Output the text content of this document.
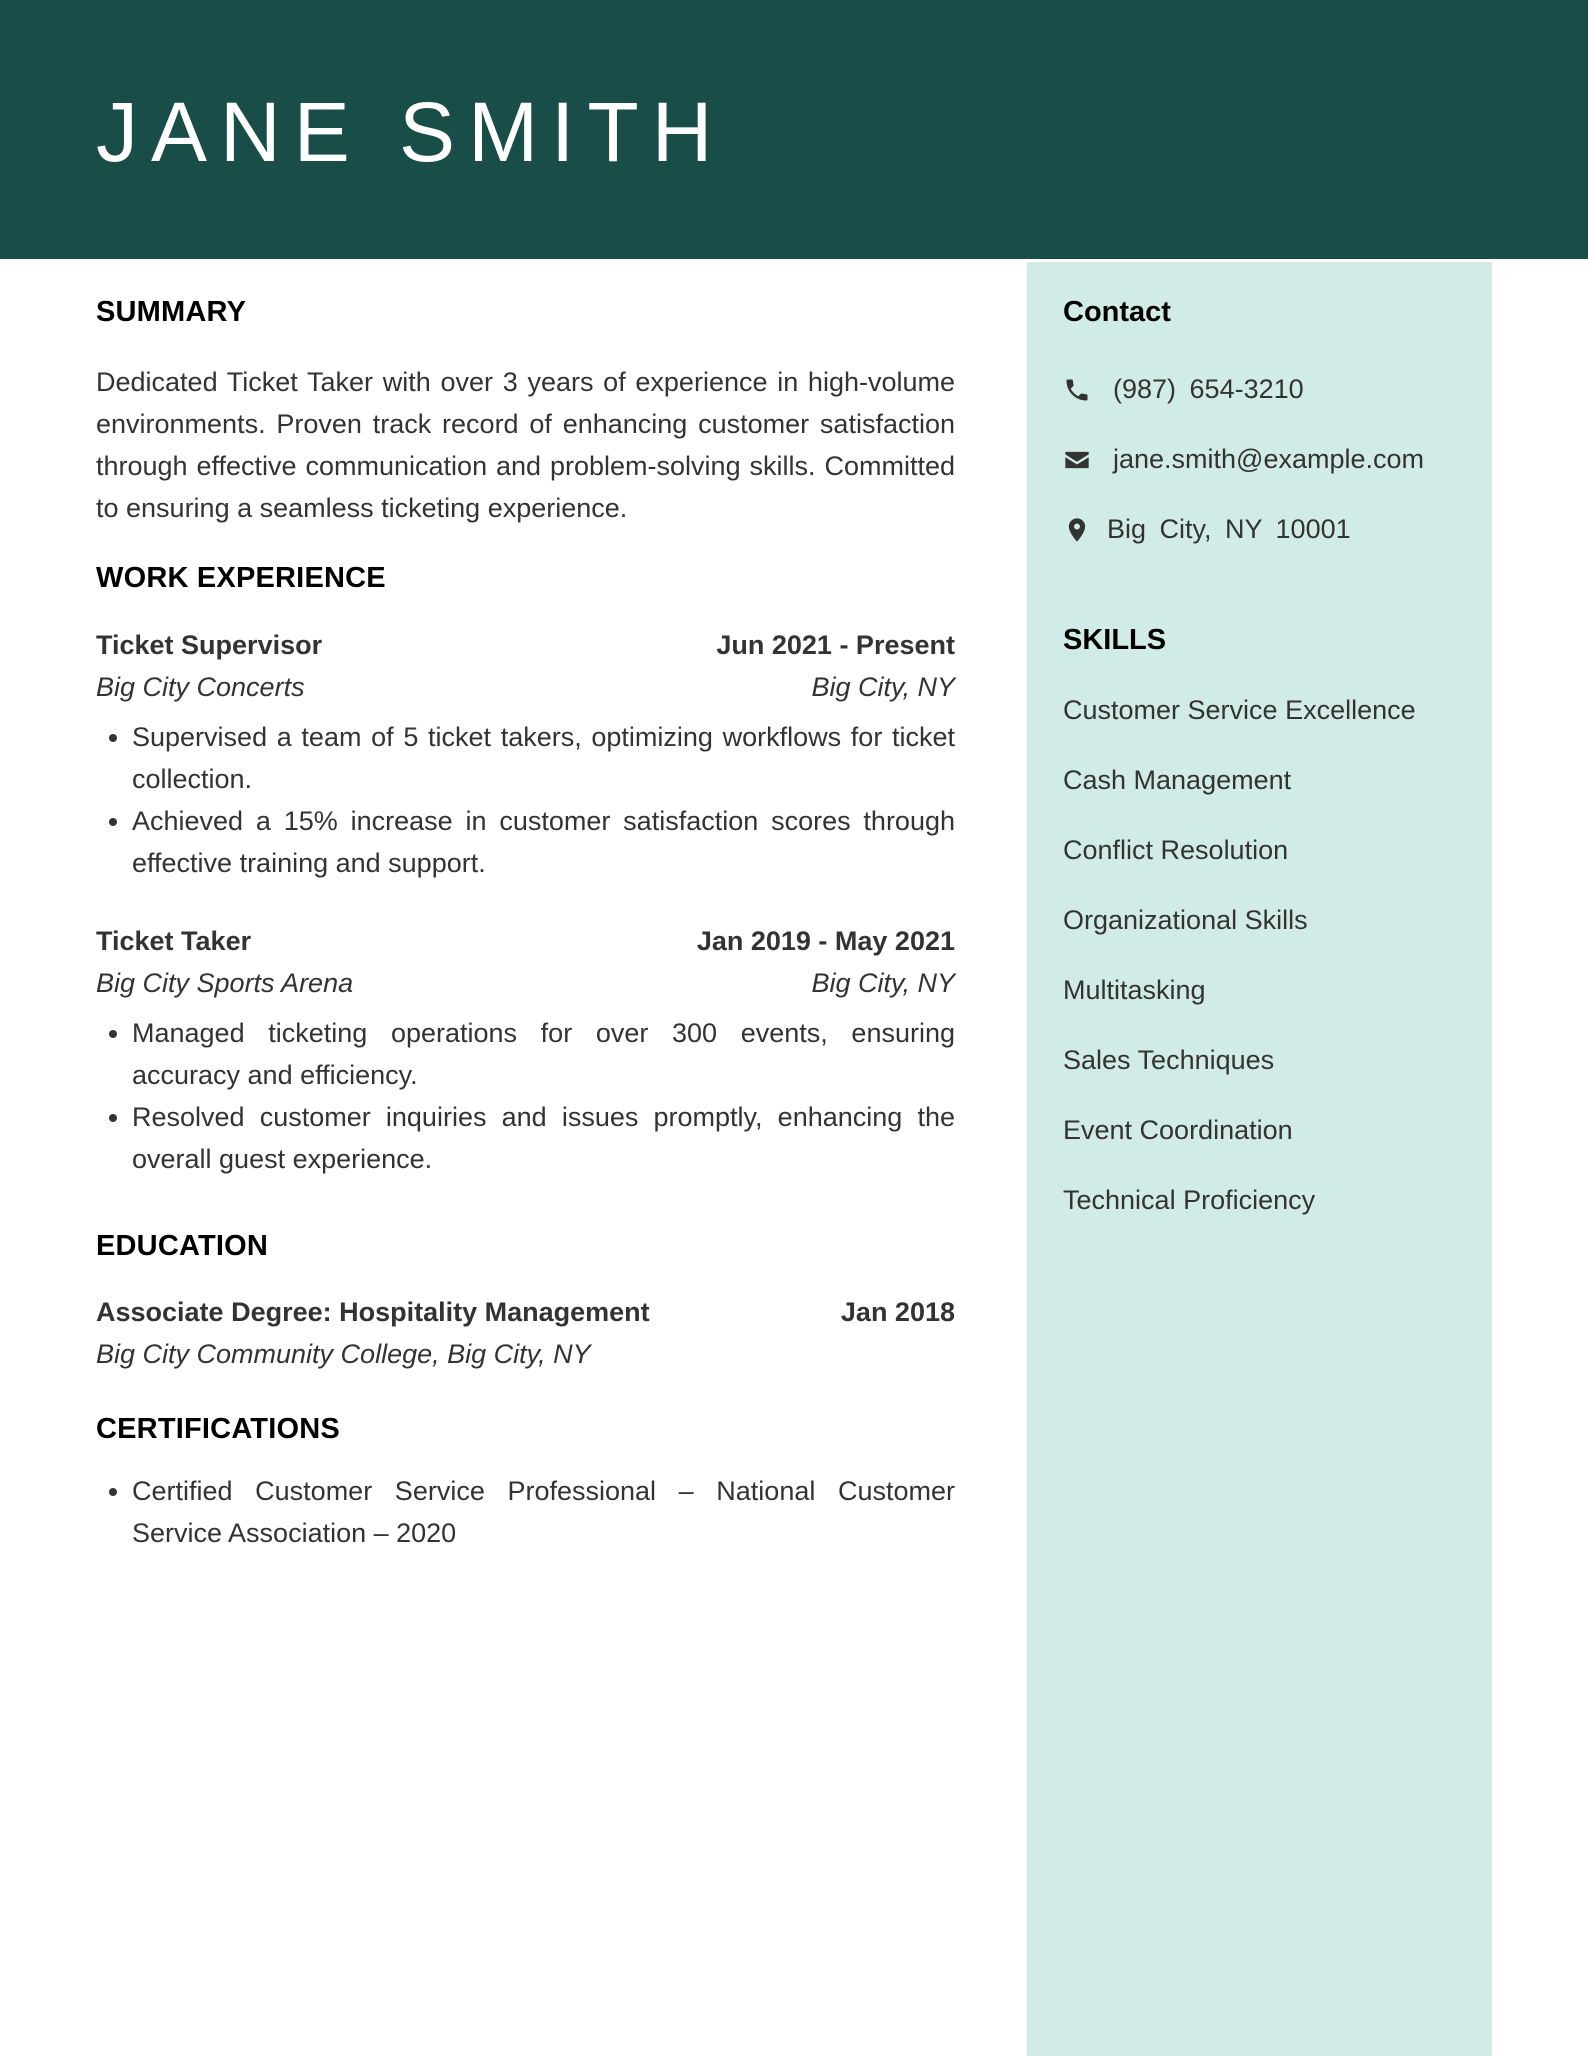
JANE SMITH
Contact
(987) 654-3210
jane.smith@example.com
Big City, NY 10001
SKILLS
Customer Service Excellence
Cash Management
Conflict Resolution
Organizational Skills
Multitasking
Sales Techniques
Event Coordination
Technical Proficiency
SUMMARY

Dedicated Ticket Taker with over 3 years of experience in high-volume environments. Proven track record of enhancing customer satisfaction through effective communication and problem-solving skills. Committed to ensuring a seamless ticketing experience.

WORK EXPERIENCE
Ticket Supervisor	Jun 2021 - Present
Big City Concerts	Big City, NY
• Supervised a team of 5 ticket takers, optimizing workflows for ticket collection.
• Achieved a 15% increase in customer satisfaction scores through effective training and support.
Ticket Taker	Jan 2019 - May 2021
Big City Sports Arena	Big City, NY
• Managed ticketing operations for over 300 events, ensuring accuracy and efficiency.
• Resolved customer inquiries and issues promptly, enhancing the overall guest experience.
EDUCATION
Associate Degree: Hospitality Management	Jan 2018
Big City Community College, Big City, NY
CERTIFICATIONS
• Certified Customer Service Professional – National Customer Service Association – 2020
